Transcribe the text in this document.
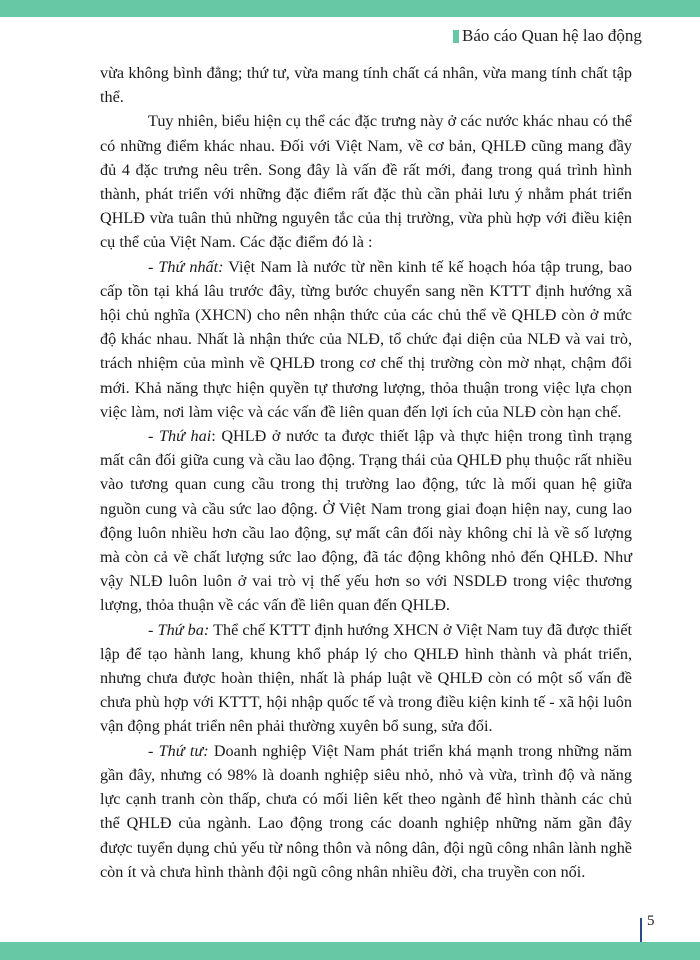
Báo cáo Quan hệ lao động

vừa không bình đẳng; thứ tư, vừa mang tính chất cá nhân, vừa mang tính chất tập thể.

Tuy nhiên, biểu hiện cụ thể các đặc trưng này ở các nước khác nhau có thể có những điểm khác nhau. Đối với Việt Nam, về cơ bản, QHLĐ cũng mang đầy đủ 4 đặc trưng nêu trên. Song đây là vấn đề rất mới, đang trong quá trình hình thành, phát triển với những đặc điểm rất đặc thù cần phải lưu ý nhằm phát triển QHLĐ vừa tuân thủ những nguyên tắc của thị trường, vừa phù hợp với điều kiện cụ thể của Việt Nam. Các đặc điểm đó là :

- Thứ nhất: Việt Nam là nước từ nền kinh tế kế hoạch hóa tập trung, bao cấp tồn tại khá lâu trước đây, từng bước chuyển sang nền KTTT định hướng xã hội chủ nghĩa (XHCN) cho nên nhận thức của các chủ thể về QHLĐ còn ở mức độ khác nhau. Nhất là nhận thức của NLĐ, tổ chức đại diện của NLĐ và vai trò, trách nhiệm của mình về QHLĐ trong cơ chế thị trường còn mờ nhạt, chậm đổi mới. Khả năng thực hiện quyền tự thương lượng, thỏa thuận trong việc lựa chọn việc làm, nơi làm việc và các vấn đề liên quan đến lợi ích của NLĐ còn hạn chế.

- Thứ hai: QHLĐ ở nước ta được thiết lập và thực hiện trong tình trạng mất cân đối giữa cung và cầu lao động. Trạng thái của QHLĐ phụ thuộc rất nhiều vào tương quan cung cầu trong thị trường lao động, tức là mối quan hệ giữa nguồn cung và cầu sức lao động. Ở Việt Nam trong giai đoạn hiện nay, cung lao động luôn nhiều hơn cầu lao động, sự mất cân đối này không chỉ là về số lượng mà còn cả về chất lượng sức lao động, đã tác động không nhỏ đến QHLĐ. Như vậy NLĐ luôn luôn ở vai trò vị thế yếu hơn so với NSDLĐ trong việc thương lượng, thỏa thuận về các vấn đề liên quan đến QHLĐ.

- Thứ ba: Thể chế KTTT định hướng XHCN ở Việt Nam tuy đã được thiết lập để tạo hành lang, khung khổ pháp lý cho QHLĐ hình thành và phát triển, nhưng chưa được hoàn thiện, nhất là pháp luật về QHLĐ còn có một số vấn đề chưa phù hợp với KTTT, hội nhập quốc tế và trong điều kiện kinh tế - xã hội luôn vận động phát triển nên phải thường xuyên bổ sung, sửa đổi.

- Thứ tư: Doanh nghiệp Việt Nam phát triển khá mạnh trong những năm gần đây, nhưng có 98% là doanh nghiệp siêu nhỏ, nhỏ và vừa, trình độ và năng lực cạnh tranh còn thấp, chưa có mối liên kết theo ngành để hình thành các chủ thể QHLĐ của ngành. Lao động trong các doanh nghiệp những năm gần đây được tuyển dụng chủ yếu từ nông thôn và nông dân, đội ngũ công nhân lành nghề còn ít và chưa hình thành đội ngũ công nhân nhiều đời, cha truyền con nối.

5
